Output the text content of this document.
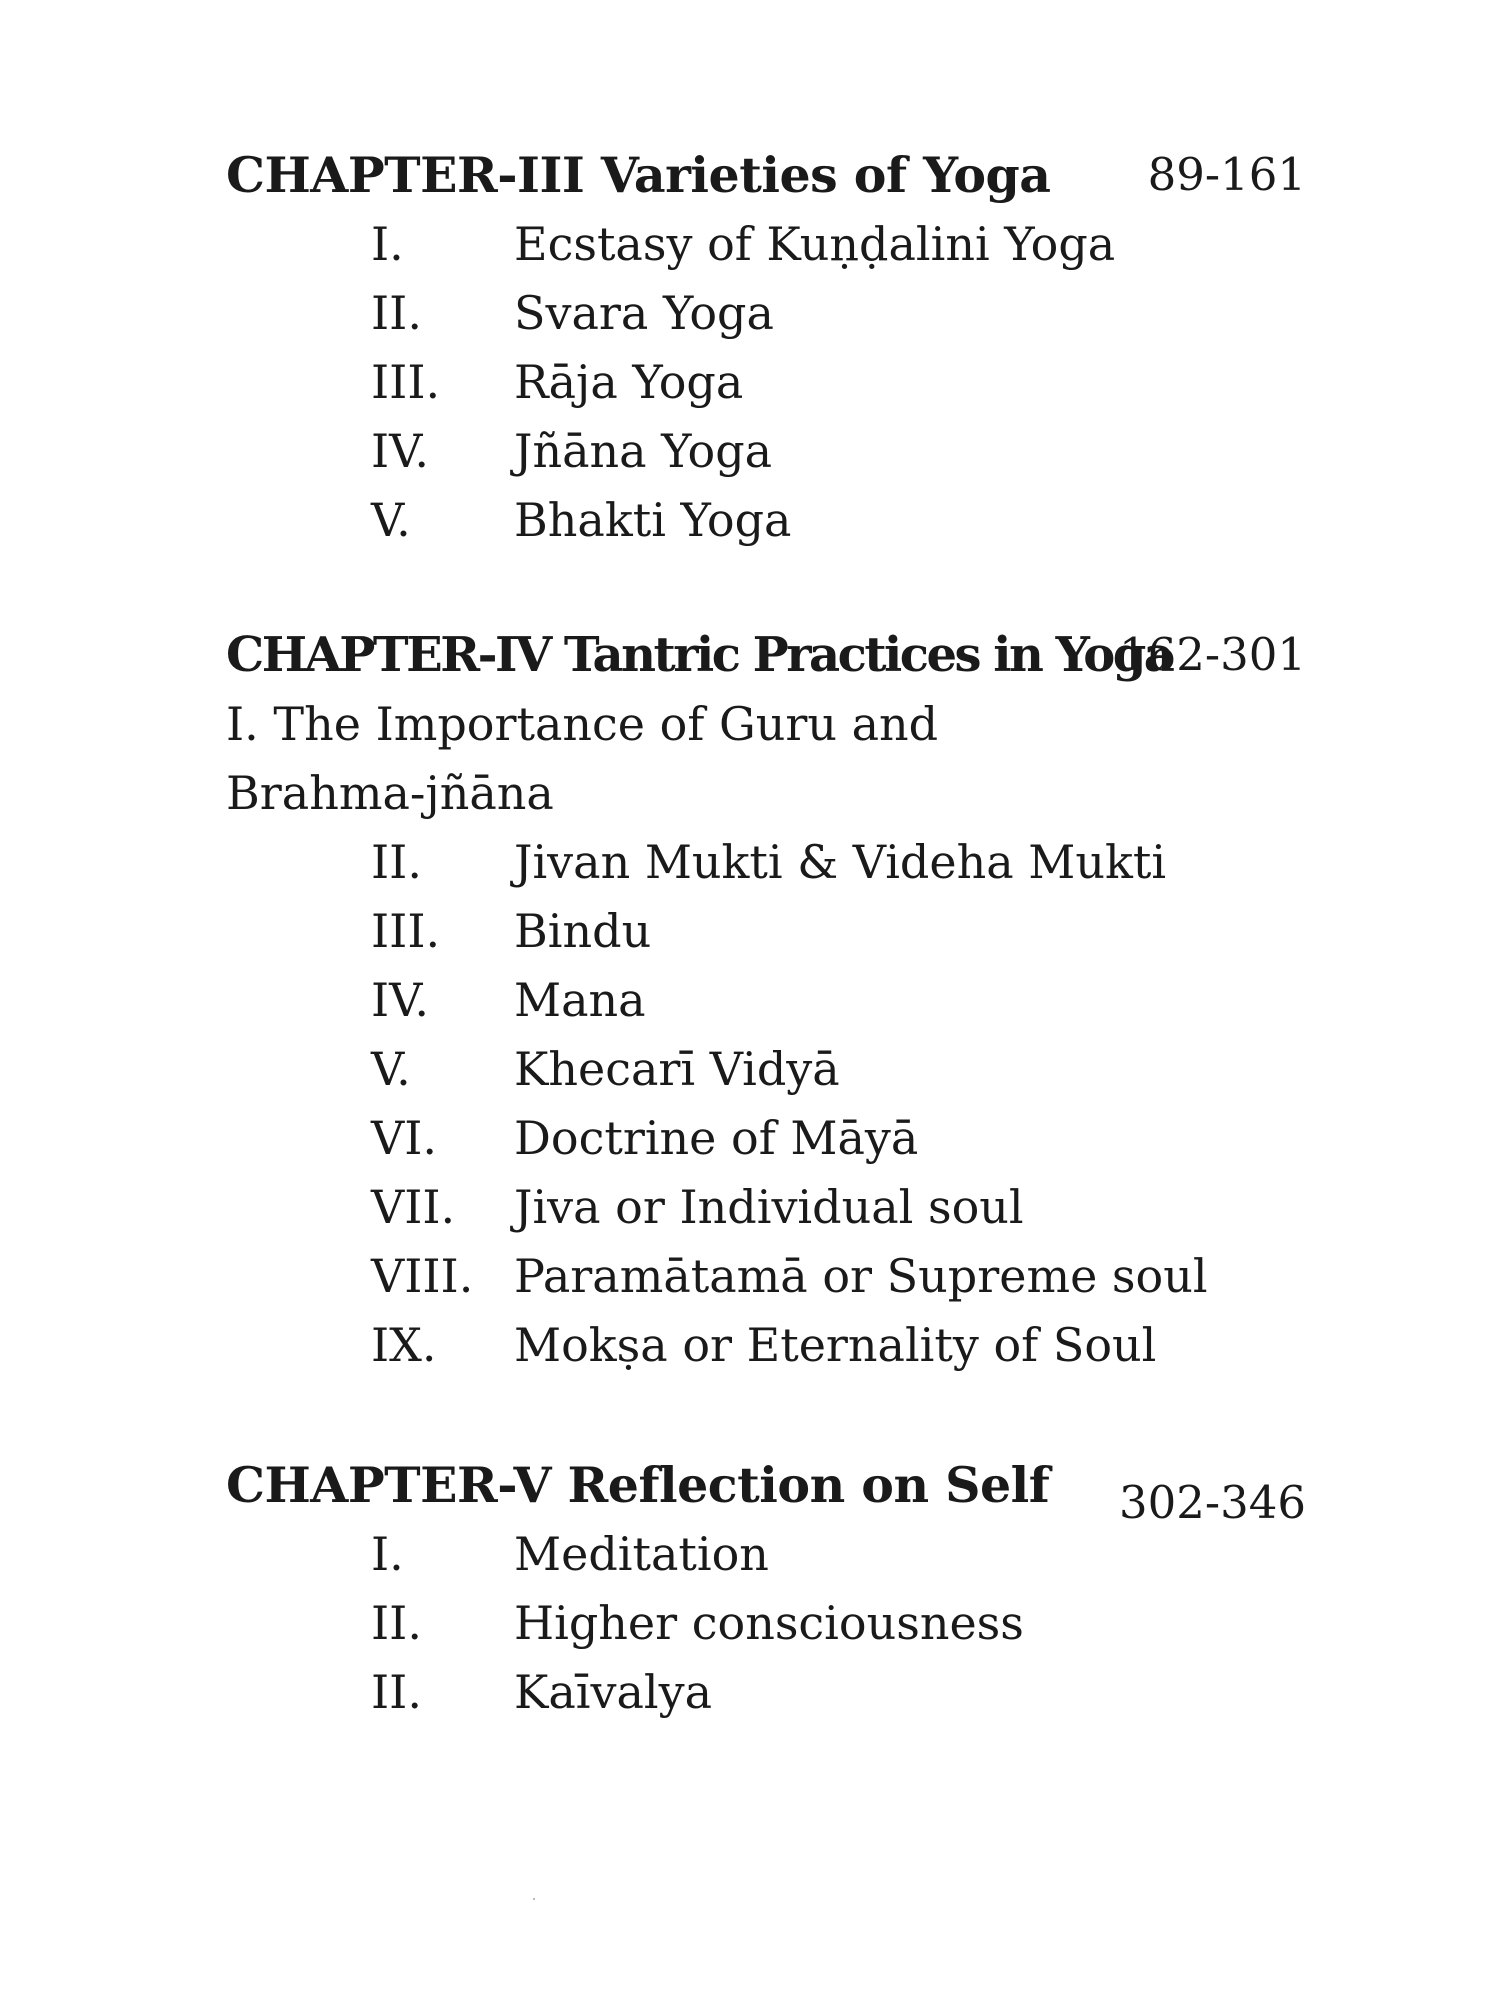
CHAPTER-III Varieties of Yoga 89-161
I. Ecstasy of Kuṇḍalini Yoga
II. Svara Yoga
III. Rāja Yoga
IV. Jñāna Yoga
V. Bhakti Yoga
CHAPTER-IV Tantric Practices in Yoga
162-301
I. The Importance of Guru and Brahma-jñāna
II. Jivan Mukti & Videha Mukti
III. Bindu
IV. Mana
V. Khecarī Vidyā
VI. Doctrine of Māyā
VII. Jiva or Individual soul
VIII. Paramātamā or Supreme soul
IX. Mokṣa or Eternality of Soul
CHAPTER-V Reflection on Self 302-346
I. Meditation
II. Higher consciousness
II. Kaīvalya
